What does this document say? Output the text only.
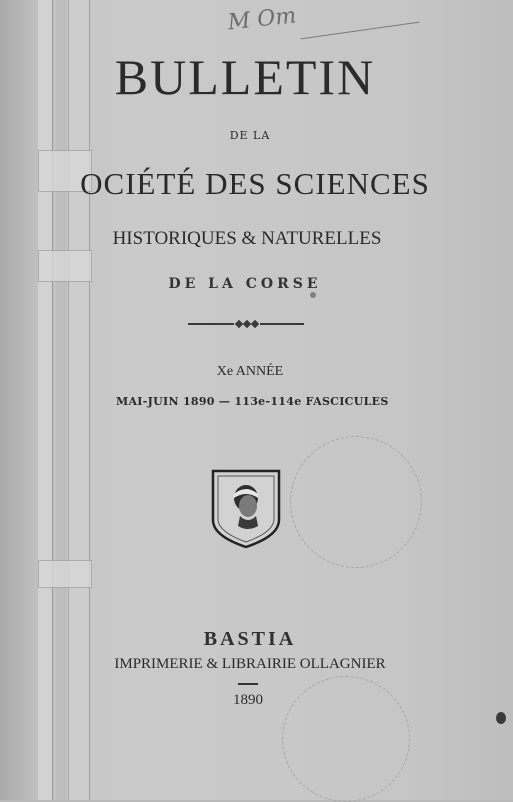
M Om
BULLETIN
DE LA
OCIÉTÉ DES SCIENCES
HISTORIQUES & NATURELLES
DE LA CORSE
Xe ANNÉE
MAI-JUIN 1890 — 113e-114e FASCICULES
BASTIA
IMPRIMERIE & LIBRAIRIE OLLAGNIER
1890
